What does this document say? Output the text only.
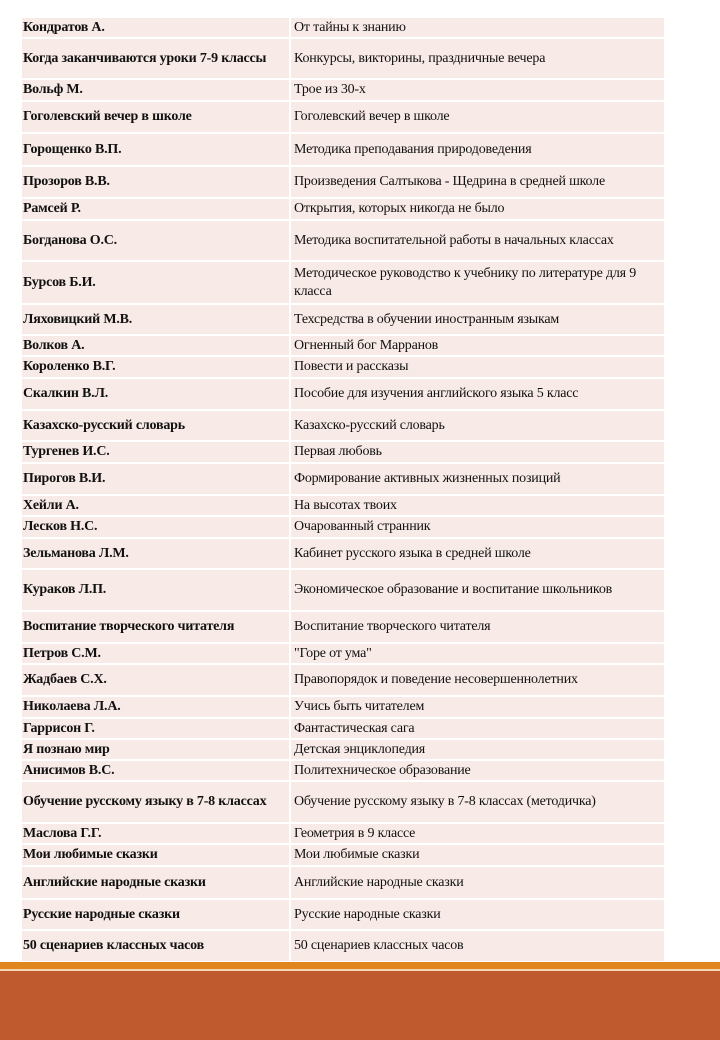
Кондратов А.	От тайны к знанию
Когда заканчиваются уроки 7-9 классы	Конкурсы, викторины, праздничные вечера
Вольф М.	Трое из 30-х
Гоголевский вечер в школе	Гоголевский вечер в школе
Горощенко В.П.	Методика преподавания природоведения
Прозоров В.В.	Произведения Салтыкова - Щедрина в средней школе
Рамсей Р.	Открытия, которых никогда не было
Богданова О.С.	Методика воспитательной работы в начальных классах
Бурсов Б.И.	Методическое руководство к учебнику по литературе для 9 класса
Ляховицкий М.В.	Техсредства в обучении иностранным языкам
Волков А.	Огненный бог Марранов
Короленко В.Г.	Повести и рассказы
Скалкин В.Л.	Пособие для изучения английского языка 5 класс
Казахско-русский словарь	Казахско-русский словарь
Тургенев И.С.	Первая любовь
Пирогов В.И.	Формирование активных жизненных позиций
Хейли А.	На высотах твоих
Лесков Н.С.	Очарованный странник
Зельманова Л.М.	Кабинет русского языка в средней школе
Кураков Л.П.	Экономическое образование и воспитание школьников
Воспитание творческого читателя	Воспитание творческого читателя
Петров С.М.	"Горе от ума"
Жадбаев С.Х.	Правопорядок и поведение несовершеннолетних
Николаева Л.А.	Учись быть читателем
Гаррисон Г.	Фантастическая сага
Я познаю мир	Детская энциклопедия
Анисимов В.С.	Политехническое образование
Обучение русскому языку в 7-8 классах	Обучение русскому языку в 7-8 классах (методичка)
Маслова Г.Г.	Геометрия в 9 классе
Мои любимые сказки	Мои любимые сказки
Английские народные сказки	Английские народные сказки
Русские народные сказки	Русские народные сказки
50 сценариев классных часов	50 сценариев классных часов
